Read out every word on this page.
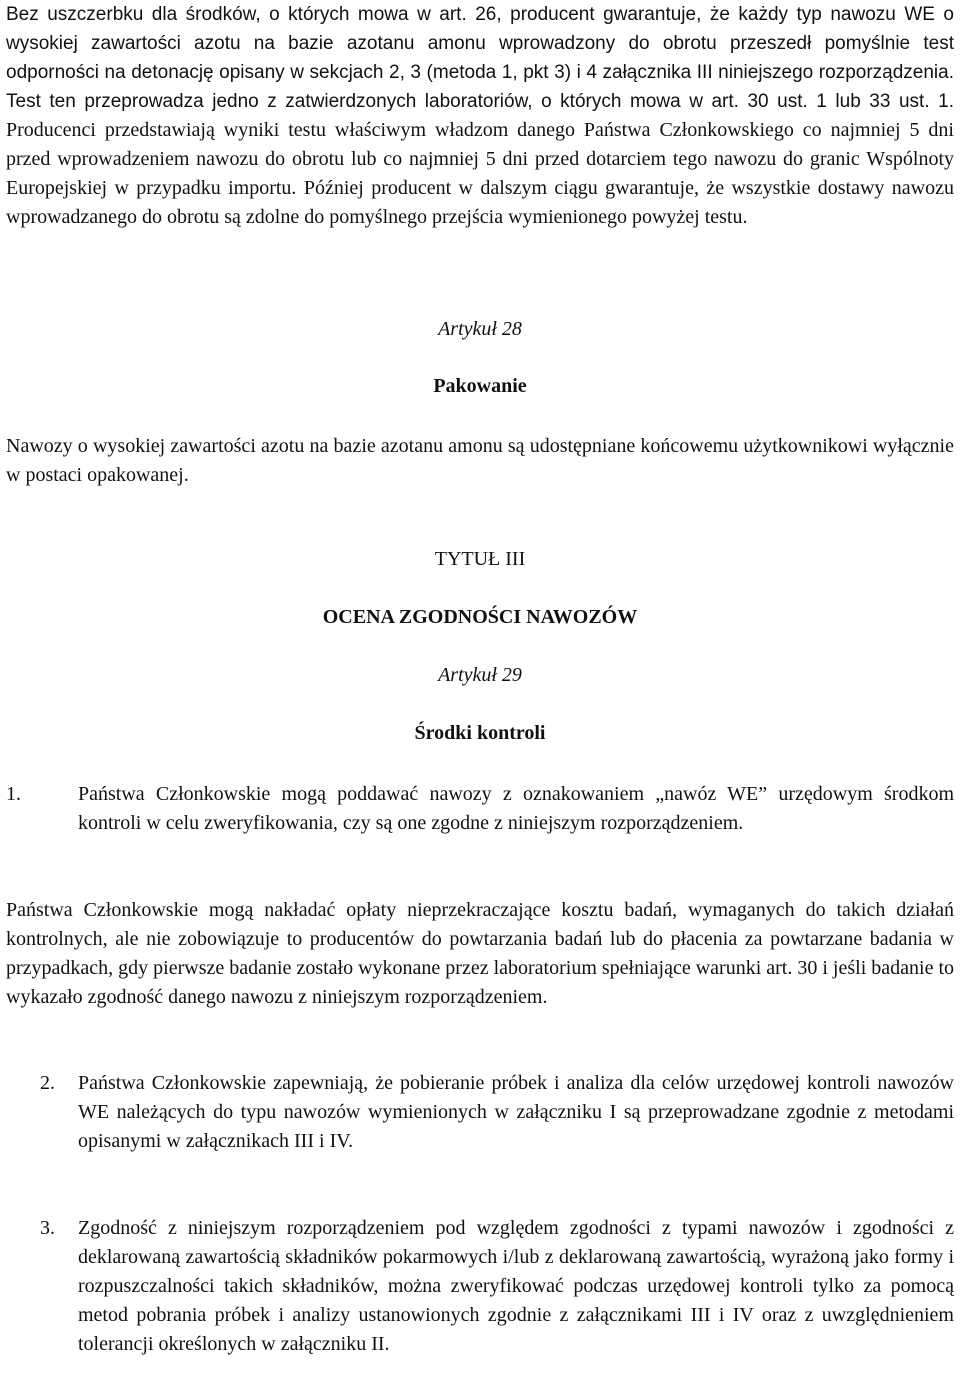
Bez uszczerbku dla środków, o których mowa w art. 26, producent gwarantuje, że każdy typ nawozu WE o wysokiej zawartości azotu na bazie azotanu amonu wprowadzony do obrotu przeszedł pomyślnie test odporności na detonację opisany w sekcjach 2, 3 (metoda 1, pkt 3) i 4 załącznika III niniejszego rozporządzenia. Test ten przeprowadza jedno z zatwierdzonych laboratoriów, o których mowa w art. 30 ust. 1 lub 33 ust. 1. Producenci przedstawiają wyniki testu właściwym władzom danego Państwa Członkowskiego co najmniej 5 dni przed wprowadzeniem nawozu do obrotu lub co najmniej 5 dni przed dotarciem tego nawozu do granic Wspólnoty Europejskiej w przypadku importu. Później producent w dalszym ciągu gwarantuje, że wszystkie dostawy nawozu wprowadzanego do obrotu są zdolne do pomyślnego przejścia wymienionego powyżej testu.

Artykuł 28

Pakowanie

Nawozy o wysokiej zawartości azotu na bazie azotanu amonu są udostępniane końcowemu użytkownikowi wyłącznie w postaci opakowanej.

TYTUŁ III

OCENA ZGODNOŚCI NAWOZÓW

Artykuł 29

Środki kontroli

1.	Państwa Członkowskie mogą poddawać nawozy z oznakowaniem „nawóz WE” urzędowym środkom kontroli w celu zweryfikowania, czy są one zgodne z niniejszym rozporządzeniem.

Państwa Członkowskie mogą nakładać opłaty nieprzekraczające kosztu badań, wymaganych do takich działań kontrolnych, ale nie zobowiązuje to producentów do powtarzania badań lub do płacenia za powtarzane badania w przypadkach, gdy pierwsze badanie zostało wykonane przez laboratorium spełniające warunki art. 30 i jeśli badanie to wykazało zgodność danego nawozu z niniejszym rozporządzeniem.

2.	Państwa Członkowskie zapewniają, że pobieranie próbek i analiza dla celów urzędowej kontroli nawozów WE należących do typu nawozów wymienionych w załączniku I są przeprowadzane zgodnie z metodami opisanymi w załącznikach III i IV.

3.	Zgodność z niniejszym rozporządzeniem pod względem zgodności z typami nawozów i zgodności z deklarowaną zawartością składników pokarmowych i/lub z deklarowaną zawartością, wyrażoną jako formy i rozpuszczalności takich składników, można zweryfikować podczas urzędowej kontroli tylko za pomocą metod pobrania próbek i analizy ustanowionych zgodnie z załącznikami III i IV oraz z uwzględnieniem tolerancji określonych w załączniku II.
